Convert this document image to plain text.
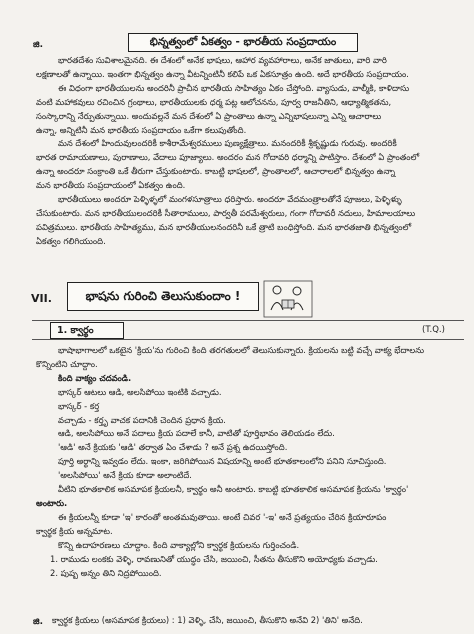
జి.	భిన్నత్వంలో ఏకత్వం - భారతీయ సంప్రదాయం
భారతదేశం సువిశాలమైనది. ఈ దేశంలో అనేక భాషలు, ఆహార వ్యవహారాలు, అనేక జాతులు, వారి వారి
లక్షణాలతో ఉన్నాయి. ఇంతగా భిన్నత్వం ఉన్నా వీటన్నింటినీ కలిపే ఒక ఏకసూత్రం ఉంది. అదే భారతీయ సంప్రదాయం.
ఈ విధంగా భారతీయులను అందరినీ ప్రాచీన భారతీయ సాహిత్యం ఏకం చేస్తోంది. వ్యాసుడు, వాల్మీకి, కాళిదాసు
వంటి మహాకవులు రచించిన గ్రంథాలు, భారతీయులకు ధర్మ పట్ల ఆలోచనను, పూర్వ రాజనీతిని, ఆధ్యాత్మికతను,
సంస్కారాన్ని నేర్పుతున్నాయి. అందువల్లనే మన దేశంలో ఏ ప్రాంతాలు ఉన్నా ఎన్నిభాషలున్నా ఎన్ని ఆచారాలు
ఉన్నా, అన్నిటినీ మన భారతీయ సంప్రదాయం ఒకేగా కలుపుతోంది.
మన దేశంలో హిందువులందరికీ కాశీరామేశ్వరములు పుణ్యక్షేత్రాలు. మనందరికీ శ్రీకృష్ణుడు గురువు. అందరికీ
భారత రామాయణాలు, పురాణాలు, వేదాలు పూజ్యాలు. అందరం మన గోదావరి ధర్మాన్ని పాటిస్తాం. దేశంలో ఏ ప్రాంతంలో
ఉన్నా అందరూ సంక్రాంతి ఒకే తీరుగా చేస్తుకుంటారు. కాబట్టి భాషలలో, ప్రాంతాలలో, ఆచారాలలో భిన్నత్వం ఉన్నా
మన భారతీయ సంప్రదాయంలో ఏకత్వం ఉంది.
భారతీయులు అందరూ పెళ్ళిళ్ళలో మంగళసూత్రాలు ధరిస్తారు. అందరూ వేదమంత్రాలతోనే పూజలు, పెళ్ళిళ్ళు
చేసుకుంటారు. మన భారతీయులందరికీ సీతారాములు, పార్వతీ పరమేశ్వరులు, గంగా గోదావరీ నదులు, హిమాలయాలు
పవిత్రములు. భారతీయ సాహిత్యము, మన భారతీయులనందరినీ ఒకే త్రాటి బంధిస్తోంది. మన భారతజాతి భిన్నత్వంలో
ఏకత్వం గలిగియుంది.
VII.	భాషను గురించి తెలుసుకుందాం !
1. క్వార్థం	(T.Q.)
భాషాభాగాలలో ఒకటైన 'క్రియ'ను గురించి కింది తరగతులలో తెలుసుకున్నారు. క్రియలను బట్టి వచ్చే వాక్య భేదాలను
కొన్నింటిని చూద్దాం.
కింది వాక్యం చదవండి.
భాస్కర్ ఆటలు ఆడి, అలసిపోయి ఇంటికి వచ్చాడు.
భాస్కర్ - కర్త
వచ్చాడు - కర్తృ వాచక పదానికి చెందిన ప్రధాన క్రియ.
ఆడి, అలసిపోయి అనే పదాలు క్రియ పదాలే కానీ, వాటితో పూర్తిభావం తెలియడం లేదు.
'ఆడి' అనే క్రియకు 'ఆడి' తర్వాత ఏం చేశాడు ? అనే ప్రశ్న ఉదయిస్తోంది.
పూర్తి అర్థాన్ని ఇవ్వడం లేదు. ఇంకా, జరిగిపోయిన విషయాన్ని అంటే భూతకాలంలోని పనిని సూచిస్తుంది.
'అలసిపోయి' అనే క్రియ కూడా అలాంటిదే.
వీటిని భూతకాలిక అసమాపక క్రియలనీ, క్వార్థం అనీ అంటారు. కాబట్టి భూతకాలిక అసమాపక క్రియను 'క్వార్థం'
అంటారు.
ఈ క్రియలన్నీ కూడా 'ఇ' కారంతో అంతమవుతాయి. అంటే చివర '-ఇ' అనే ప్రత్యయం చేరిన క్రియారూపం
క్వార్థక క్రియ అన్నమాట.
కొన్ని ఉదాహరణలు చూద్దాం. కింది వాక్యాల్లోని క్వార్థక క్రియలను గుర్తించండి.
1. రాముడు లంకకు వెళ్ళి, రావణునితో యుద్ధం చేసి, జయించి, సీతను తీసుకొని అయోధ్యకు వచ్చాడు.
2. పుష్ప అన్నం తిని నిద్రపోయింది.
జి. క్వార్థక క్రియలు (అసమాపక క్రియలు) : 1) వెళ్ళి, చేసి, జయించి, తీసుకొని అనేవి 2) 'తిని' అనేది.
